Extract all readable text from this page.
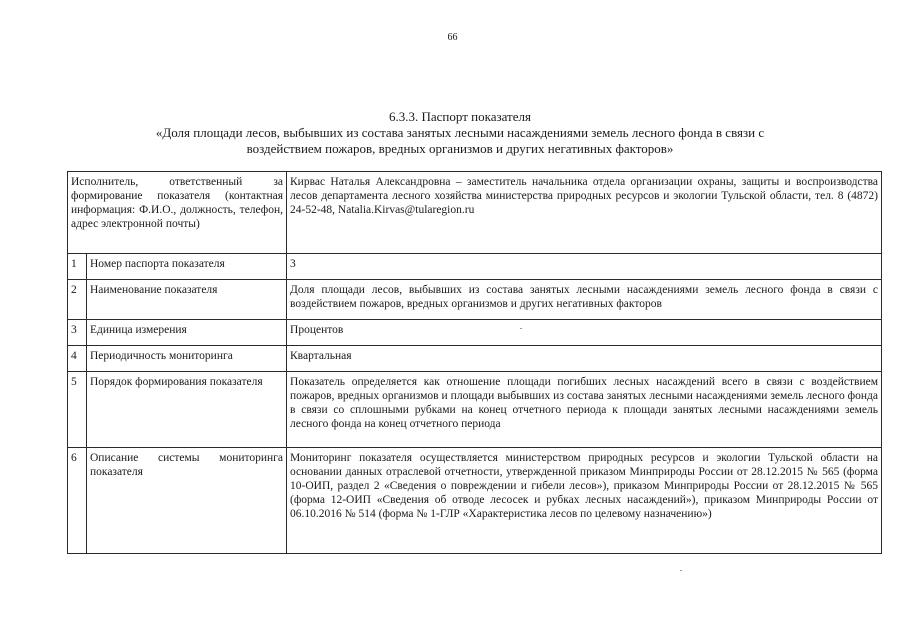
66
6.3.3. Паспорт показателя
«Доля площади лесов, выбывших из состава занятых лесными насаждениями земель лесного фонда в связи с
воздействием пожаров, вредных организмов и других негативных факторов»
Исполнитель, ответственный за формирование показателя (контактная информация: Ф.И.О., должность, телефон, адрес электронной почты)		Кирвас Наталья Александровна – заместитель начальника отдела организации охраны, защиты и воспроизводства лесов департамента лесного хозяйства министерства природных ресурсов и экологии Тульской области, тел. 8 (4872) 24-52-48, Natalia.Kirvas@tularegion.ru
1	Номер паспорта показателя	3
2	Наименование показателя	Доля площади лесов, выбывших из состава занятых лесными насаждениями земель лесного фонда в связи с воздействием пожаров, вредных организмов и других негативных факторов
3	Единица измерения	Процентов
4	Периодичность мониторинга	Квартальная
5	Порядок формирования показателя	Показатель определяется как отношение площади погибших лесных насаждений всего в связи с воздействием пожаров, вредных организмов и площади выбывших из состава занятых лесными насаждениями земель лесного фонда в связи со сплошными рубками на конец отчетного периода к площади занятых лесными насаждениями земель лесного фонда на конец отчетного периода
6	Описание системы мониторинга показателя	Мониторинг показателя осуществляется министерством природных ресурсов и экологии Тульской области на основании данных отраслевой отчетности, утвержденной приказом Минприроды России от 28.12.2015 № 565 (форма 10-ОИП, раздел 2 «Сведения о повреждении и гибели лесов»), приказом Минприроды России от 28.12.2015 № 565 (форма 12-ОИП «Сведения об отводе лесосек и рубках лесных насаждений»), приказом Минприроды России от 06.10.2016 № 514 (форма № 1-ГЛР «Характеристика лесов по целевому назначению»)
